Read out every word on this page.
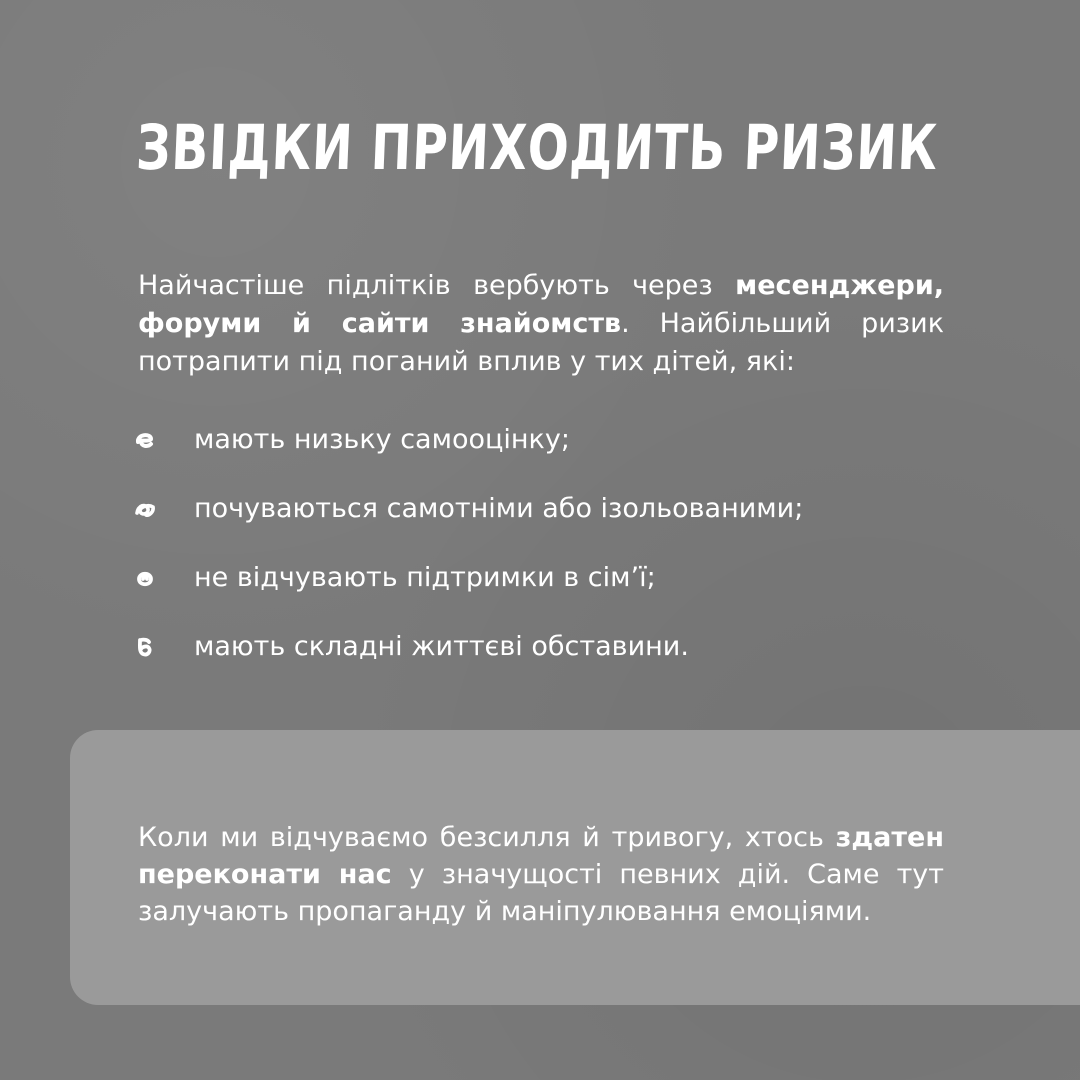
ЗВІДКИ ПРИХОДИТЬ РИЗИК

Найчастіше підлітків вербують через месенджери, форуми й сайти знайомств. Найбільший ризик потрапити під поганий вплив у тих дітей, які:

мають низьку самооцінку;
почуваються самотніми або ізольованими;
не відчувають підтримки в сім’ї;
мають складні життєві обставини.

Коли ми відчуваємо безсилля й тривогу, хтось здатен переконати нас у значущості певних дій. Саме тут залучають пропаганду й маніпулювання емоціями.
